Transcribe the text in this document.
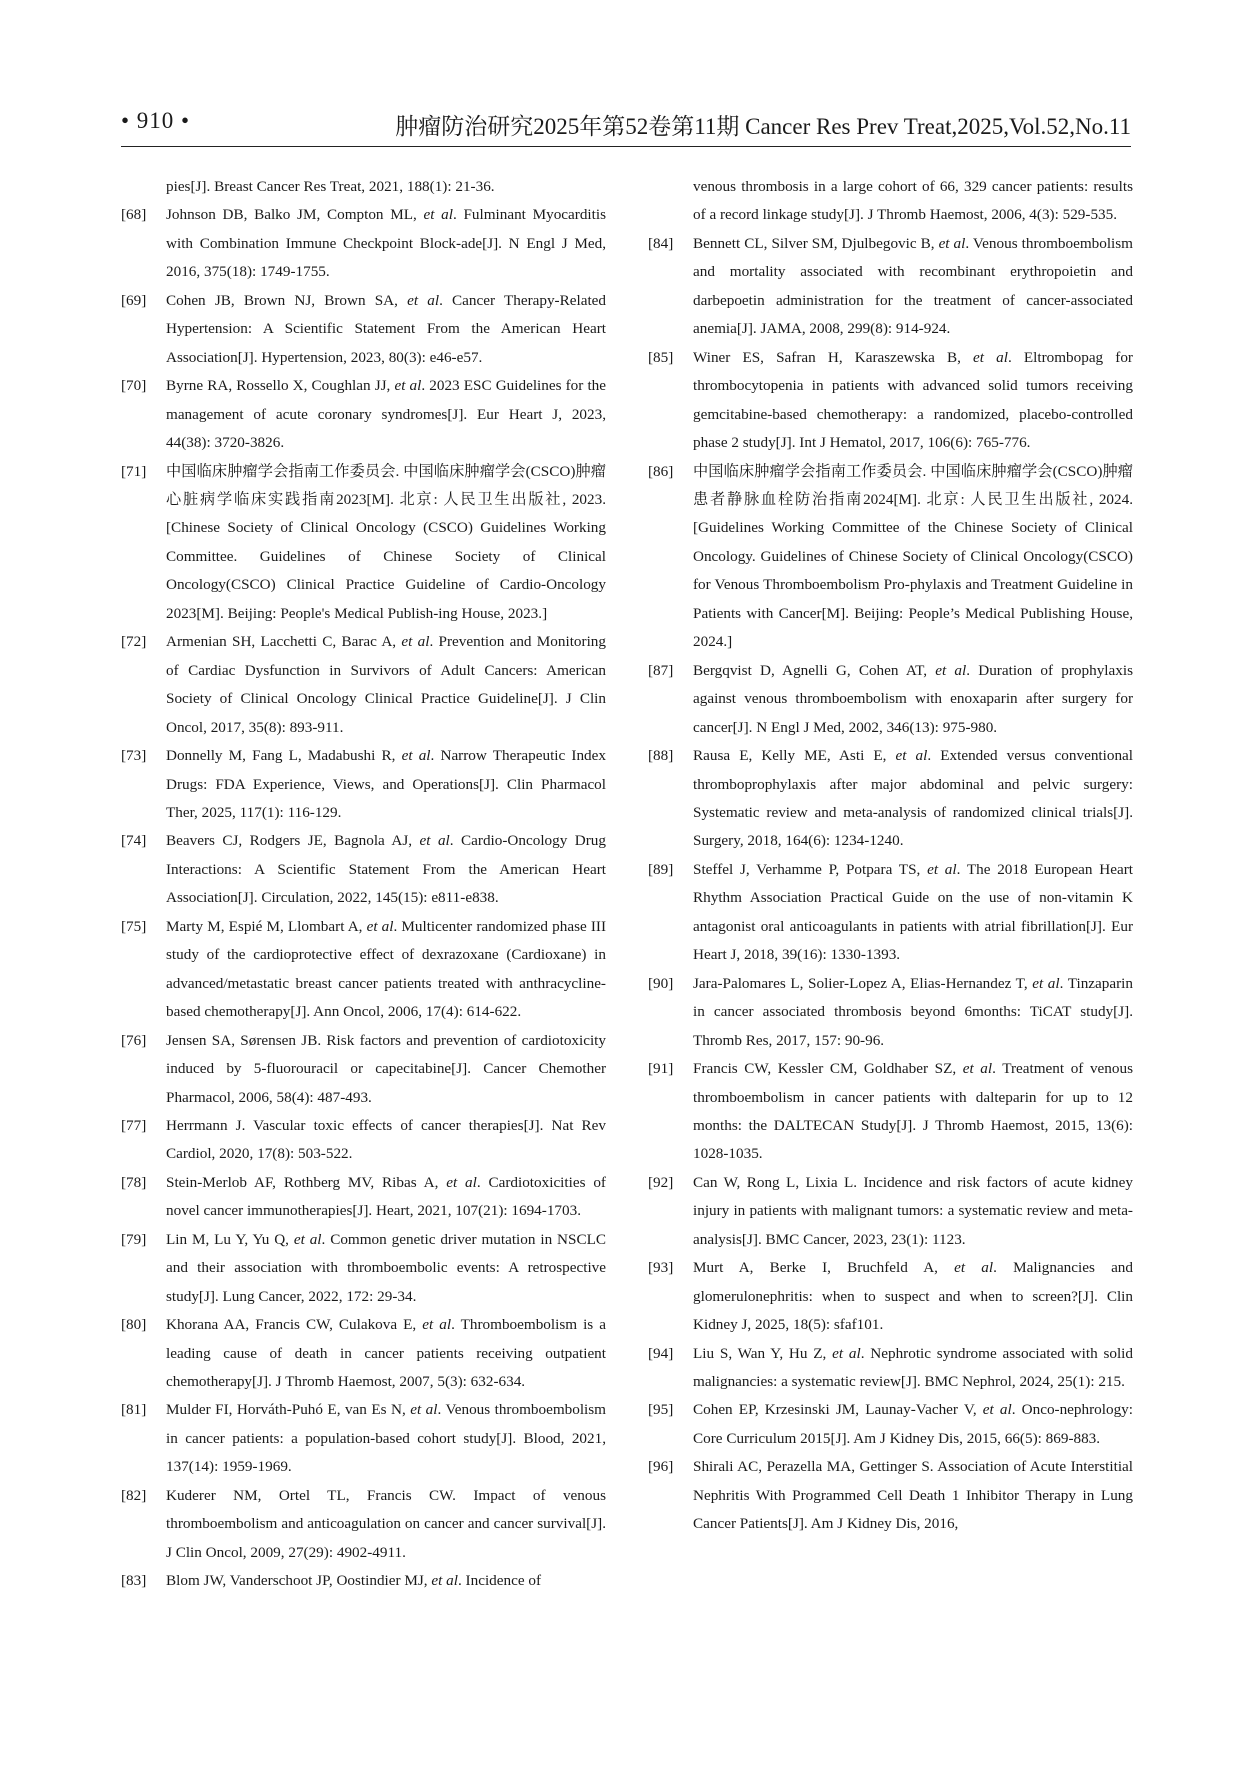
• 910 •	肿瘤防治研究2025年第52卷第11期 Cancer Res Prev Treat,2025,Vol.52,No.11
pies[J]. Breast Cancer Res Treat, 2021, 188(1): 21-36.
[68] Johnson DB, Balko JM, Compton ML, et al. Fulminant Myocarditis with Combination Immune Checkpoint Block-ade[J]. N Engl J Med, 2016, 375(18): 1749-1755.
[69] Cohen JB, Brown NJ, Brown SA, et al. Cancer Therapy-Related Hypertension: A Scientific Statement From the American Heart Association[J]. Hypertension, 2023, 80(3): e46-e57.
[70] Byrne RA, Rossello X, Coughlan JJ, et al. 2023 ESC Guidelines for the management of acute coronary syndromes[J]. Eur Heart J, 2023, 44(38): 3720-3826.
[71] 中国临床肿瘤学会指南工作委员会. 中国临床肿瘤学会(CSCO)肿瘤心脏病学临床实践指南2023[M]. 北京: 人民卫生出版社, 2023. [Chinese Society of Clinical Oncology (CSCO) Guidelines Working Committee. Guidelines of Chinese Society of Clinical Oncology(CSCO) Clinical Practice Guideline of Cardio-Oncology 2023[M]. Beijing: People's Medical Publish-ing House, 2023.]
[72] Armenian SH, Lacchetti C, Barac A, et al. Prevention and Monitoring of Cardiac Dysfunction in Survivors of Adult Cancers: American Society of Clinical Oncology Clinical Practice Guideline[J]. J Clin Oncol, 2017, 35(8): 893-911.
[73] Donnelly M, Fang L, Madabushi R, et al. Narrow Therapeutic Index Drugs: FDA Experience, Views, and Operations[J]. Clin Pharmacol Ther, 2025, 117(1): 116-129.
[74] Beavers CJ, Rodgers JE, Bagnola AJ, et al. Cardio-Oncology Drug Interactions: A Scientific Statement From the American Heart Association[J]. Circulation, 2022, 145(15): e811-e838.
[75] Marty M, Espié M, Llombart A, et al. Multicenter randomized phase III study of the cardioprotective effect of dexrazoxane (Cardioxane) in advanced/metastatic breast cancer patients treated with anthracycline-based chemotherapy[J]. Ann Oncol, 2006, 17(4): 614-622.
[76] Jensen SA, Sørensen JB. Risk factors and prevention of cardiotoxicity induced by 5-fluorouracil or capecitabine[J]. Cancer Chemother Pharmacol, 2006, 58(4): 487-493.
[77] Herrmann J. Vascular toxic effects of cancer therapies[J]. Nat Rev Cardiol, 2020, 17(8): 503-522.
[78] Stein-Merlob AF, Rothberg MV, Ribas A, et al. Cardiotoxicities of novel cancer immunotherapies[J]. Heart, 2021, 107(21): 1694-1703.
[79] Lin M, Lu Y, Yu Q, et al. Common genetic driver mutation in NSCLC and their association with thromboembolic events: A retrospective study[J]. Lung Cancer, 2022, 172: 29-34.
[80] Khorana AA, Francis CW, Culakova E, et al. Thromboembolism is a leading cause of death in cancer patients receiving outpatient chemotherapy[J]. J Thromb Haemost, 2007, 5(3): 632-634.
[81] Mulder FI, Horváth-Puhó E, van Es N, et al. Venous thromboembolism in cancer patients: a population-based cohort study[J]. Blood, 2021, 137(14): 1959-1969.
[82] Kuderer NM, Ortel TL, Francis CW. Impact of venous thromboembolism and anticoagulation on cancer and cancer survival[J]. J Clin Oncol, 2009, 27(29): 4902-4911.
[83] Blom JW, Vanderschoot JP, Oostindier MJ, et al. Incidence of
venous thrombosis in a large cohort of 66, 329 cancer patients: results of a record linkage study[J]. J Thromb Haemost, 2006, 4(3): 529-535.
[84] Bennett CL, Silver SM, Djulbegovic B, et al. Venous thromboembolism and mortality associated with recombinant erythropoietin and darbepoetin administration for the treatment of cancer-associated anemia[J]. JAMA, 2008, 299(8): 914-924.
[85] Winer ES, Safran H, Karaszewska B, et al. Eltrombopag for thrombocytopenia in patients with advanced solid tumors receiving gemcitabine-based chemotherapy: a randomized, placebo-controlled phase 2 study[J]. Int J Hematol, 2017, 106(6): 765-776.
[86] 中国临床肿瘤学会指南工作委员会. 中国临床肿瘤学会(CSCO)肿瘤患者静脉血栓防治指南2024[M]. 北京: 人民卫生出版社, 2024. [Guidelines Working Committee of the Chinese Society of Clinical Oncology. Guidelines of Chinese Society of Clinical Oncology(CSCO) for Venous Thromboembolism Pro-phylaxis and Treatment Guideline in Patients with Cancer[M]. Beijing: People’s Medical Publishing House, 2024.]
[87] Bergqvist D, Agnelli G, Cohen AT, et al. Duration of prophylaxis against venous thromboembolism with enoxaparin after surgery for cancer[J]. N Engl J Med, 2002, 346(13): 975-980.
[88] Rausa E, Kelly ME, Asti E, et al. Extended versus conventional thromboprophylaxis after major abdominal and pelvic surgery: Systematic review and meta-analysis of randomized clinical trials[J]. Surgery, 2018, 164(6): 1234-1240.
[89] Steffel J, Verhamme P, Potpara TS, et al. The 2018 European Heart Rhythm Association Practical Guide on the use of non-vitamin K antagonist oral anticoagulants in patients with atrial fibrillation[J]. Eur Heart J, 2018, 39(16): 1330-1393.
[90] Jara-Palomares L, Solier-Lopez A, Elias-Hernandez T, et al. Tinzaparin in cancer associated thrombosis beyond 6months: TiCAT study[J]. Thromb Res, 2017, 157: 90-96.
[91] Francis CW, Kessler CM, Goldhaber SZ, et al. Treatment of venous thromboembolism in cancer patients with dalteparin for up to 12 months: the DALTECAN Study[J]. J Thromb Haemost, 2015, 13(6): 1028-1035.
[92] Can W, Rong L, Lixia L. Incidence and risk factors of acute kidney injury in patients with malignant tumors: a systematic review and meta-analysis[J]. BMC Cancer, 2023, 23(1): 1123.
[93] Murt A, Berke I, Bruchfeld A, et al. Malignancies and glomerulonephritis: when to suspect and when to screen?[J]. Clin Kidney J, 2025, 18(5): sfaf101.
[94] Liu S, Wan Y, Hu Z, et al. Nephrotic syndrome associated with solid malignancies: a systematic review[J]. BMC Nephrol, 2024, 25(1): 215.
[95] Cohen EP, Krzesinski JM, Launay-Vacher V, et al. Onco-nephrology: Core Curriculum 2015[J]. Am J Kidney Dis, 2015, 66(5): 869-883.
[96] Shirali AC, Perazella MA, Gettinger S. Association of Acute Interstitial Nephritis With Programmed Cell Death 1 Inhibitor Therapy in Lung Cancer Patients[J]. Am J Kidney Dis, 2016,
